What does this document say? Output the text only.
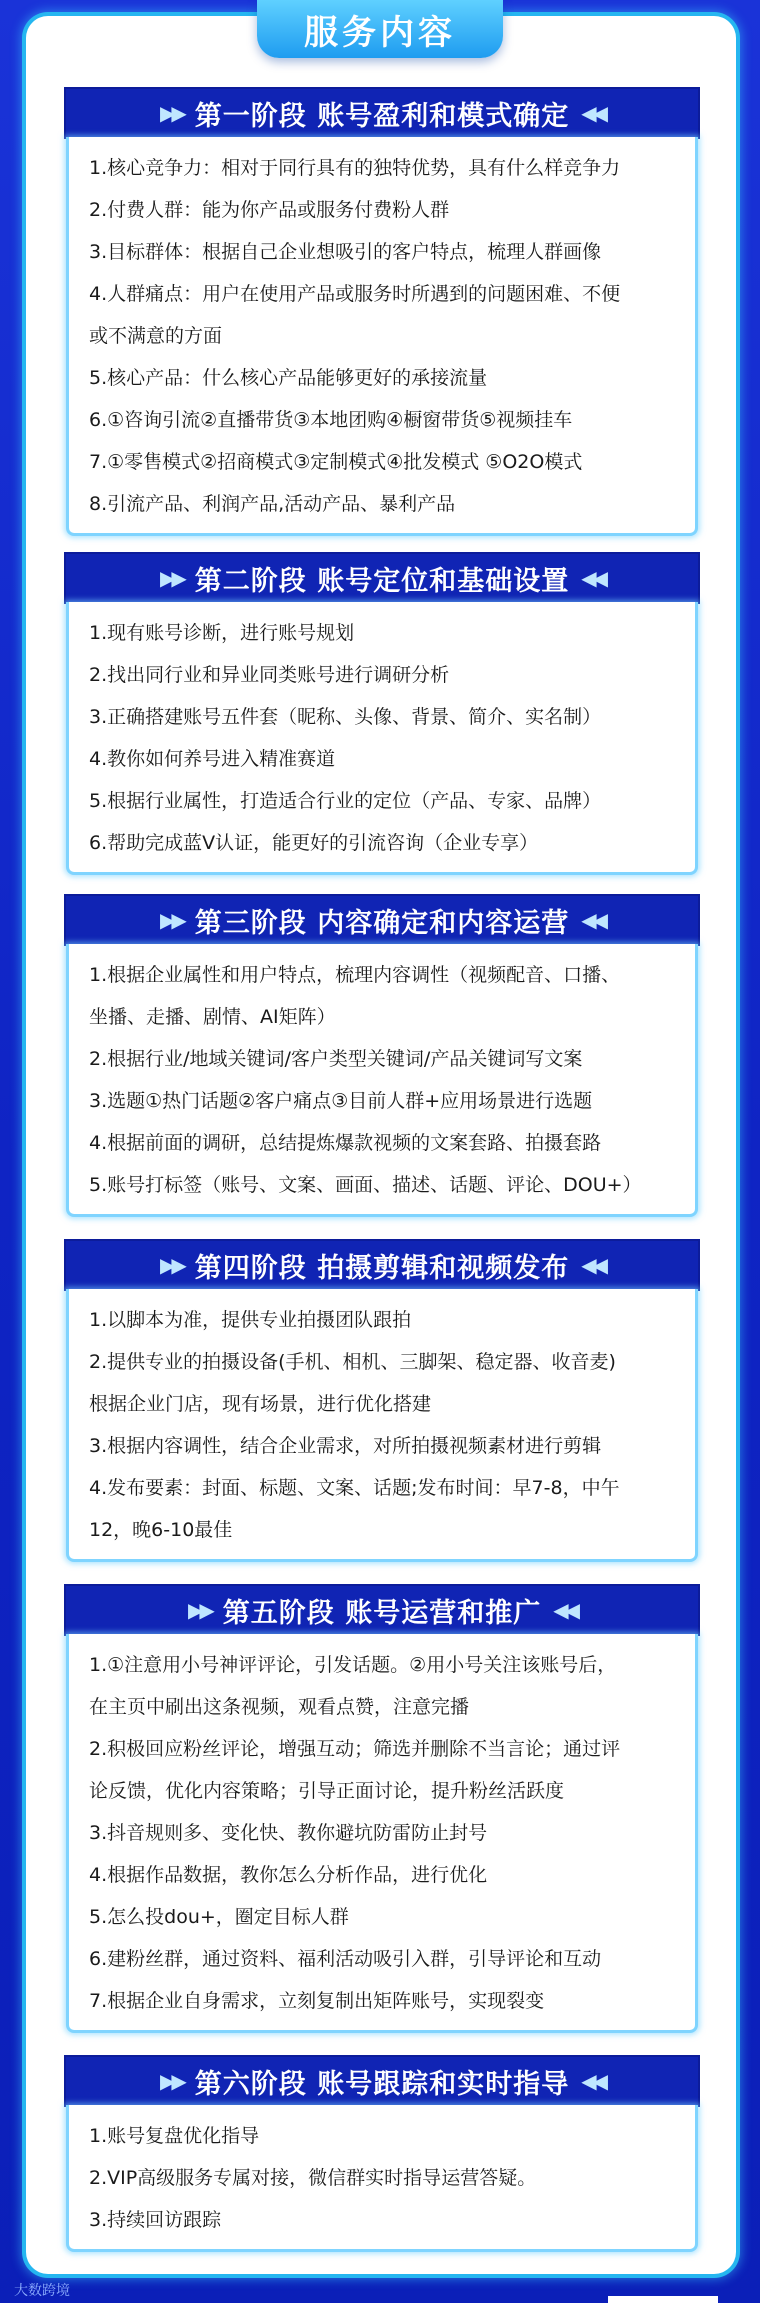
服务内容
▶▶ 第一阶段 账号盈利和模式确定 ◀◀
1.核心竞争力：相对于同行具有的独特优势，具有什么样竞争力
2.付费人群：能为你产品或服务付费粉人群
3.目标群体：根据自己企业想吸引的客户特点，梳理人群画像
4.人群痛点：用户在使用产品或服务时所遇到的问题困难、不便
或不满意的方面
5.核心产品：什么核心产品能够更好的承接流量
6.①咨询引流②直播带货③本地团购④橱窗带货⑤视频挂车
7.①零售模式②招商模式③定制模式④批发模式 ⑤O2O模式
8.引流产品、利润产品,活动产品、暴利产品
▶▶ 第二阶段 账号定位和基础设置 ◀◀
1.现有账号诊断，进行账号规划
2.找出同行业和异业同类账号进行调研分析
3.正确搭建账号五件套（昵称、头像、背景、简介、实名制）
4.教你如何养号进入精准赛道
5.根据行业属性，打造适合行业的定位（产品、专家、品牌）
6.帮助完成蓝V认证，能更好的引流咨询（企业专享）
▶▶ 第三阶段 内容确定和内容运营 ◀◀
1.根据企业属性和用户特点，梳理内容调性（视频配音、口播、
坐播、走播、剧情、AI矩阵）
2.根据行业/地域关键词/客户类型关键词/产品关键词写文案
3.选题①热门话题②客户痛点③目前人群+应用场景进行选题
4.根据前面的调研，总结提炼爆款视频的文案套路、拍摄套路
5.账号打标签（账号、文案、画面、描述、话题、评论、DOU+）
▶▶ 第四阶段 拍摄剪辑和视频发布 ◀◀
1.以脚本为准，提供专业拍摄团队跟拍
2.提供专业的拍摄设备(手机、相机、三脚架、稳定器、收音麦)
根据企业门店，现有场景，进行优化搭建
3.根据内容调性，结合企业需求，对所拍摄视频素材进行剪辑
4.发布要素：封面、标题、文案、话题;发布时间：早7-8，中午
12，晚6-10最佳
▶▶ 第五阶段 账号运营和推广 ◀◀
1.①注意用小号神评评论，引发话题。②用小号关注该账号后，
在主页中刷出这条视频，观看点赞，注意完播
2.积极回应粉丝评论，增强互动；筛选并删除不当言论；通过评
论反馈，优化内容策略；引导正面讨论，提升粉丝活跃度
3.抖音规则多、变化快、教你避坑防雷防止封号
4.根据作品数据，教你怎么分析作品，进行优化
5.怎么投dou+，圈定目标人群
6.建粉丝群，通过资料、福利活动吸引入群，引导评论和互动
7.根据企业自身需求，立刻复制出矩阵账号，实现裂变
▶▶ 第六阶段 账号跟踪和实时指导 ◀◀
1.账号复盘优化指导
2.VIP高级服务专属对接，微信群实时指导运营答疑。
3.持续回访跟踪
大数跨境
